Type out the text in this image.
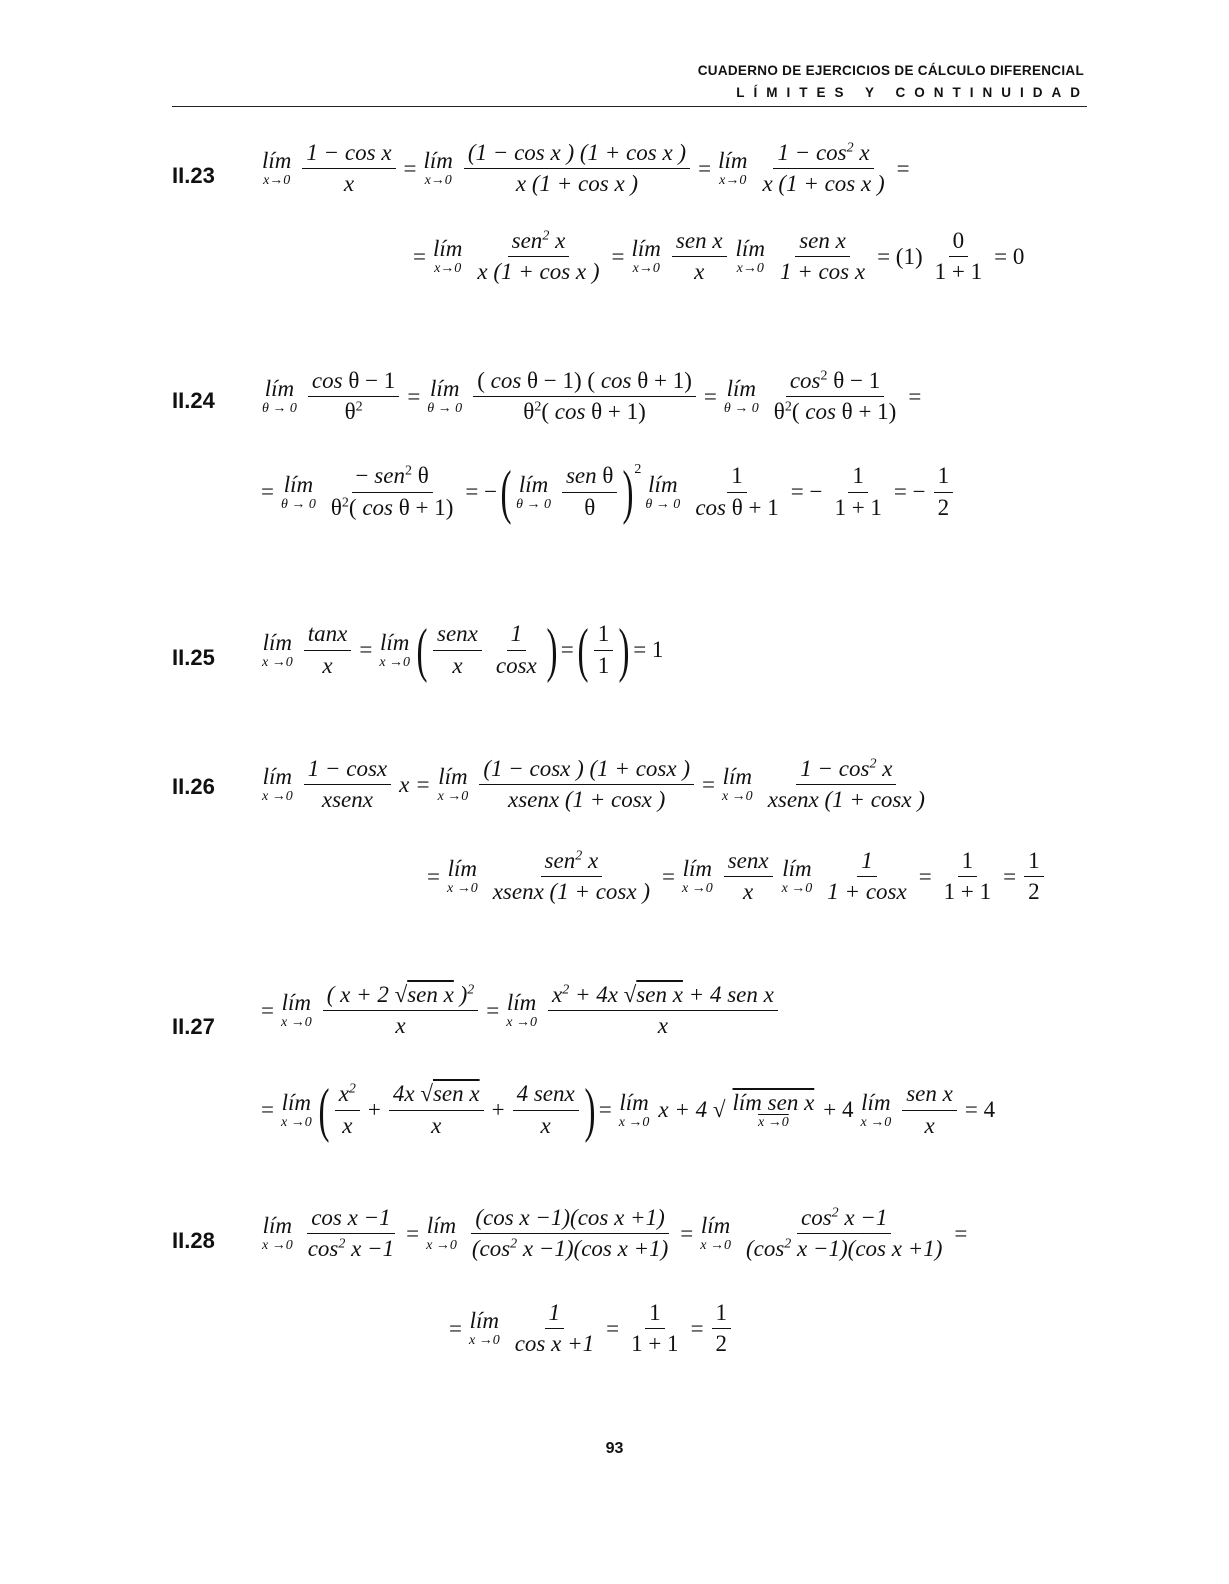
CUADERNO DE EJERCICIOS DE CÁLCULO DIFERENCIAL
LÍMITES Y CONTINUIDAD
II.23
lím
$x\to 0 \frac{\text{1 − cos x}}{x}$ = lím
$x\to 0 \frac{\text{(1 − cos x ) (1 + cos x )}}{\text{x (1 + cos x )}}$ = lím
$x\to 0 \frac{1 - \cos^2 x}{\text{x (1 + cos x )}}$ =
= lím
$x\to 0 \frac{sen^2 x}{\text{x (1 + cos x )}}$ = lím
$x\to 0 \frac{\text{sen x}}{x}$ lím
$x\to 0 \frac{\text{sen x}}{\text{1 + cos x}} = (1) \frac{0}{1 + 1} = 0$
II.24 lím
$\theta \to 0 \frac{\text{cos θ − 1}}{\theta^2}$ = lím
$\theta \to 0 \frac{\text{( cos θ − 1) ( cos θ + 1)}}{\theta^2( \cos \theta + 1)}$ = lím
$\theta \to 0 \frac{\cos^2 \theta - 1}{\theta^2( \cos \theta + 1)}$ =
= lím
$\theta \to 0 \frac{- sen^2 \theta}{\theta^2( \cos \theta + 1)}$ = − ( lím
$\theta \to 0 \frac{\text{sen θ}}{\theta} )^2$
lím
$\theta \to 0 \frac{1}{\text{cos θ + 1}}$ = − $\frac{1}{1 + 1}$ = − $\frac{1}{2}$
II.25
lím
$x \to 0 \frac{\tan x}{x}$ = lím
x →0 ( $\frac{\text{senx}}{x} \frac{1}{\cos x}$ ) = ( $\frac{1}{1}$ ) = 1
II.26 lím
$x \to 0 \frac{1 - \cos x}{\text{xsenx}}$ x = lím
$x \to 0 \frac{(1 - \cos x ) (1 + \cos x )}{\text{xsenx (1 + cosx )}}$ = lím
$x \to 0 \frac{1 - \cos^2 x}{\text{xsenx (1 + cosx )}}$
= lím
$x \to 0 \frac{sen^2 x}{\text{xsenx (1 + cosx )}}$ = lím
$x \to 0 \frac{\text{senx}}{x}$ lím
$x \to 0 \frac{1}{1 + \cos x} = \frac{1}{1 + 1} = \frac{1}{2}$
II.27
= lím
$x \to 0 \frac{( x + 2 √sen x )^2}{x}$ = lím
$x \to 0 \frac{x^2 + 4x √sen x + 4 sen x}{x}$
= lím
x →0 ( $\frac{x^2}{x} + \frac{\text{4x √sen x}}{x} + \frac{\text{4 senx}}{x}$ ) = lím
x →0 x + 4 √ lím sen x
x →0 + 4 lím
$x \to 0 \frac{\text{sen x}}{x} = 4$
II.28
lím
$x \to 0 \frac{\text{cos x −1}}{\cos^2 x -1}$ = lím
$x \to 0 \frac{\text{(cos x −1)(cos x +1)}}{(\cos^2 x -1)(\cos x +1)}$ = lím
$x \to 0 \frac{\cos^2 x -1}{(\cos^2 x -1)(\cos x +1)}$ =
= lím
$x \to 0 \frac{1}{\text{cos x +1}} = \frac{1}{1 + 1} = \frac{1}{2}$
93
